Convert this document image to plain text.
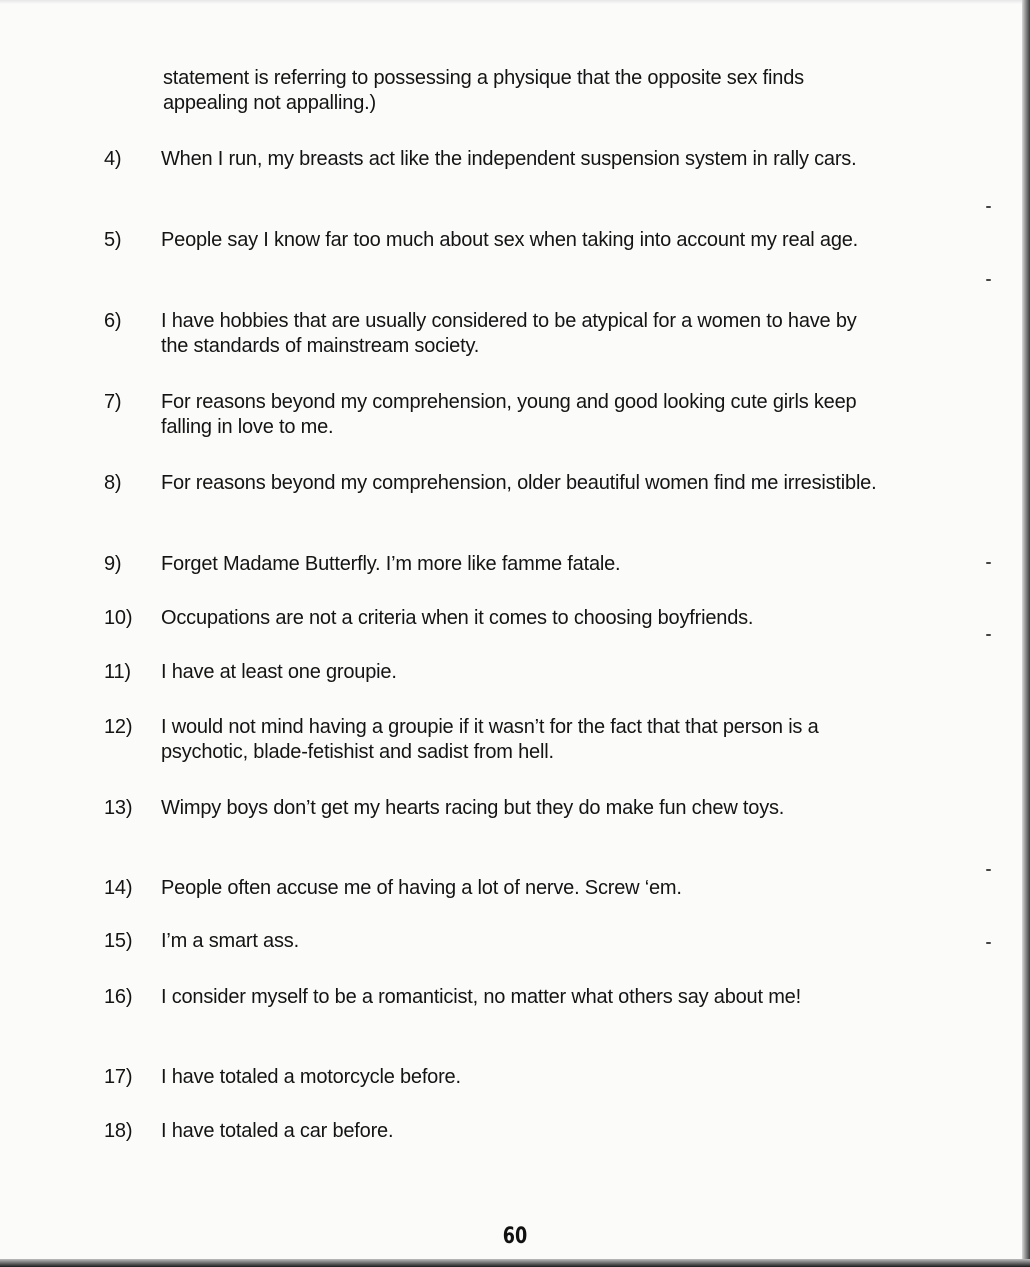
statement is referring to possessing a physique that the opposite sex finds appealing not appalling.)
4)	When I run, my breasts act like the independent suspension system in rally cars.
5)	People say I know far too much about sex when taking into account my real age.
6)	I have hobbies that are usually considered to be atypical for a women to have by the standards of mainstream society.
7)	For reasons beyond my comprehension, young and good looking cute girls keep falling in love to me.
8)	For reasons beyond my comprehension, older beautiful women find me irresistible.
9)	Forget Madame Butterfly. I’m more like famme fatale.
10)	Occupations are not a criteria when it comes to choosing boyfriends.
11)	I have at least one groupie.
12)	I would not mind having a groupie if it wasn’t for the fact that that person is a psychotic, blade-fetishist and sadist from hell.
13)	Wimpy boys don’t get my hearts racing but they do make fun chew toys.
14)	People often accuse me of having a lot of nerve. Screw ‘em.
15)	I’m a smart ass.
16)	I consider myself to be a romanticist, no matter what others say about me!
17)	I have totaled a motorcycle before.
18)	I have totaled a car before.
60
